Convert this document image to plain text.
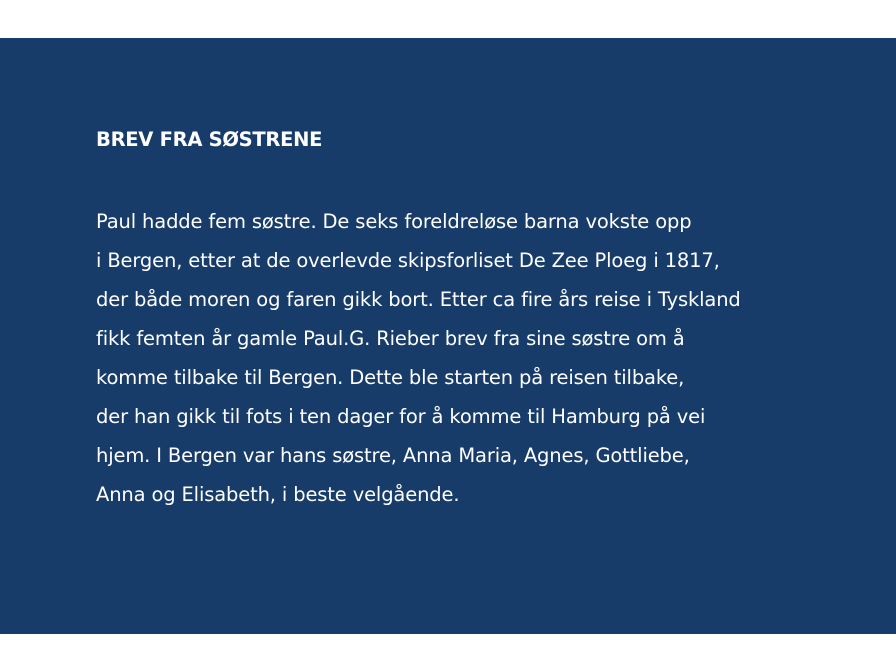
BREV FRA SØSTRENE

Paul hadde fem søstre. De seks foreldreløse barna vokste opp
i Bergen, etter at de overlevde skipsforliset De Zee Ploeg i 1817,
der både moren og faren gikk bort. Etter ca fire års reise i Tyskland
fikk femten år gamle Paul.G. Rieber brev fra sine søstre om å
komme tilbake til Bergen. Dette ble starten på reisen tilbake,
der han gikk til fots i ten dager for å komme til Hamburg på vei
hjem. I Bergen var hans søstre, Anna Maria, Agnes, Gottliebe,
Anna og Elisabeth, i beste velgående.
